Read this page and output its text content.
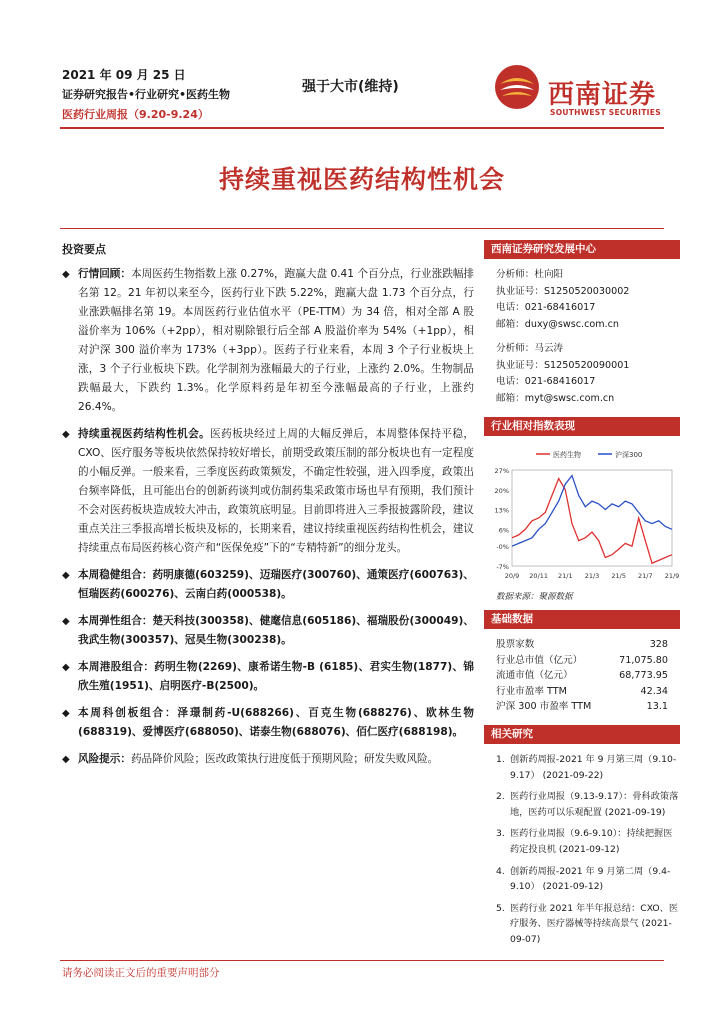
2021 年 09 月 25 日
证券研究报告•行业研究•医药生物
医药行业周报（9.20-9.24）
强于大市(维持)	西南证券
SOUTHWEST SECURITIES
持续重视医药结构性机会
投资要点
◆ 行情回顾：本周医药生物指数上涨 0.27%，跑赢大盘 0.41 个百分点，行业涨跌幅排名第 12。21 年初以来至今，医药行业下跌 5.22%，跑赢大盘 1.73 个百分点，行业涨跌幅排名第 19。本周医药行业估值水平（PE-TTM）为 34 倍，相对全部 A 股溢价率为 106%（+2pp），相对剔除银行后全部 A 股溢价率为 54%（+1pp），相对沪深 300 溢价率为 173%（+3pp）。医药子行业来看，本周 3 个子行业板块上涨，3 个子行业板块下跌。化学制剂为涨幅最大的子行业，上涨约 2.0%。生物制品跌幅最大，下跌约 1.3%。化学原料药是年初至今涨幅最高的子行业，上涨约 26.4%。
◆ 持续重视医药结构性机会。医药板块经过上周的大幅反弹后，本周整体保持平稳，CXO、医疗服务等板块依然保持较好增长，前期受政策压制的部分板块也有一定程度的小幅反弹。一般来看，三季度医药政策频发，不确定性较强，进入四季度，政策出台频率降低，且可能出台的创新药谈判或仿制药集采政策市场也早有预期，我们预计不会对医药板块造成较大冲击，政策筑底明显。目前即将进入三季报披露阶段，建议重点关注三季报高增长板块及标的，长期来看，建议持续重视医药结构性机会，建议持续重点布局医药核心资产和“医保免疫”下的“专精特新”的细分龙头。
◆ 本周稳健组合：药明康德(603259)、迈瑞医疗(300760)、通策医疗(600763)、恒瑞医药(600276)、云南白药(000538)。
◆ 本周弹性组合：楚天科技(300358)、健麾信息(605186)、福瑞股份(300049)、我武生物(300357)、冠昊生物(300238)。
◆ 本周港股组合：药明生物(2269)、康希诺生物-B (6185)、君实生物(1877)、锦欣生殖(1951)、启明医疗-B(2500)。
◆ 本周科创板组合：泽璟制药-U(688266)、百克生物(688276)、欧林生物(688319)、爱博医疗(688050)、诺泰生物(688076)、佰仁医疗(688198)。
◆ 风险提示：药品降价风险；医改政策执行进度低于预期风险；研发失败风险。
西南证券研究发展中心
分析师：杜向阳
执业证号：S1250520030002
电话：021-68416017
邮箱：duxy@swsc.com.cn
分析师：马云涛
执业证号：S1250520090001
电话：021-68416017
邮箱：myt@swsc.com.cn
行业相对指数表现
27%
20%
13%
6%
-0%
-7%
20/9 20/11 21/1 21/3 21/5 21/7 21/9
医药生物	沪深300
数据来源：聚源数据
基础数据
股票家数	328
行业总市值（亿元）	71,075.80
流通市值（亿元）	68,773.95
行业市盈率 TTM	42.34
沪深 300 市盈率 TTM	13.1
相关研究
1. 创新药周报-2021 年 9 月第三周（9.10-9.17） (2021-09-22)
2. 医药行业周报（9.13-9.17）：骨科政策落地，医药可以乐观配置 (2021-09-19)
3. 医药行业周报（9.6-9.10）：持续把握医药定投良机 (2021-09-12)
4. 创新药周报-2021 年 9 月第二周（9.4-9.10） (2021-09-12)
5. 医药行业 2021 年半年报总结：CXO、医疗服务、医疗器械等持续高景气 (2021-09-07)
请务必阅读正文后的重要声明部分
